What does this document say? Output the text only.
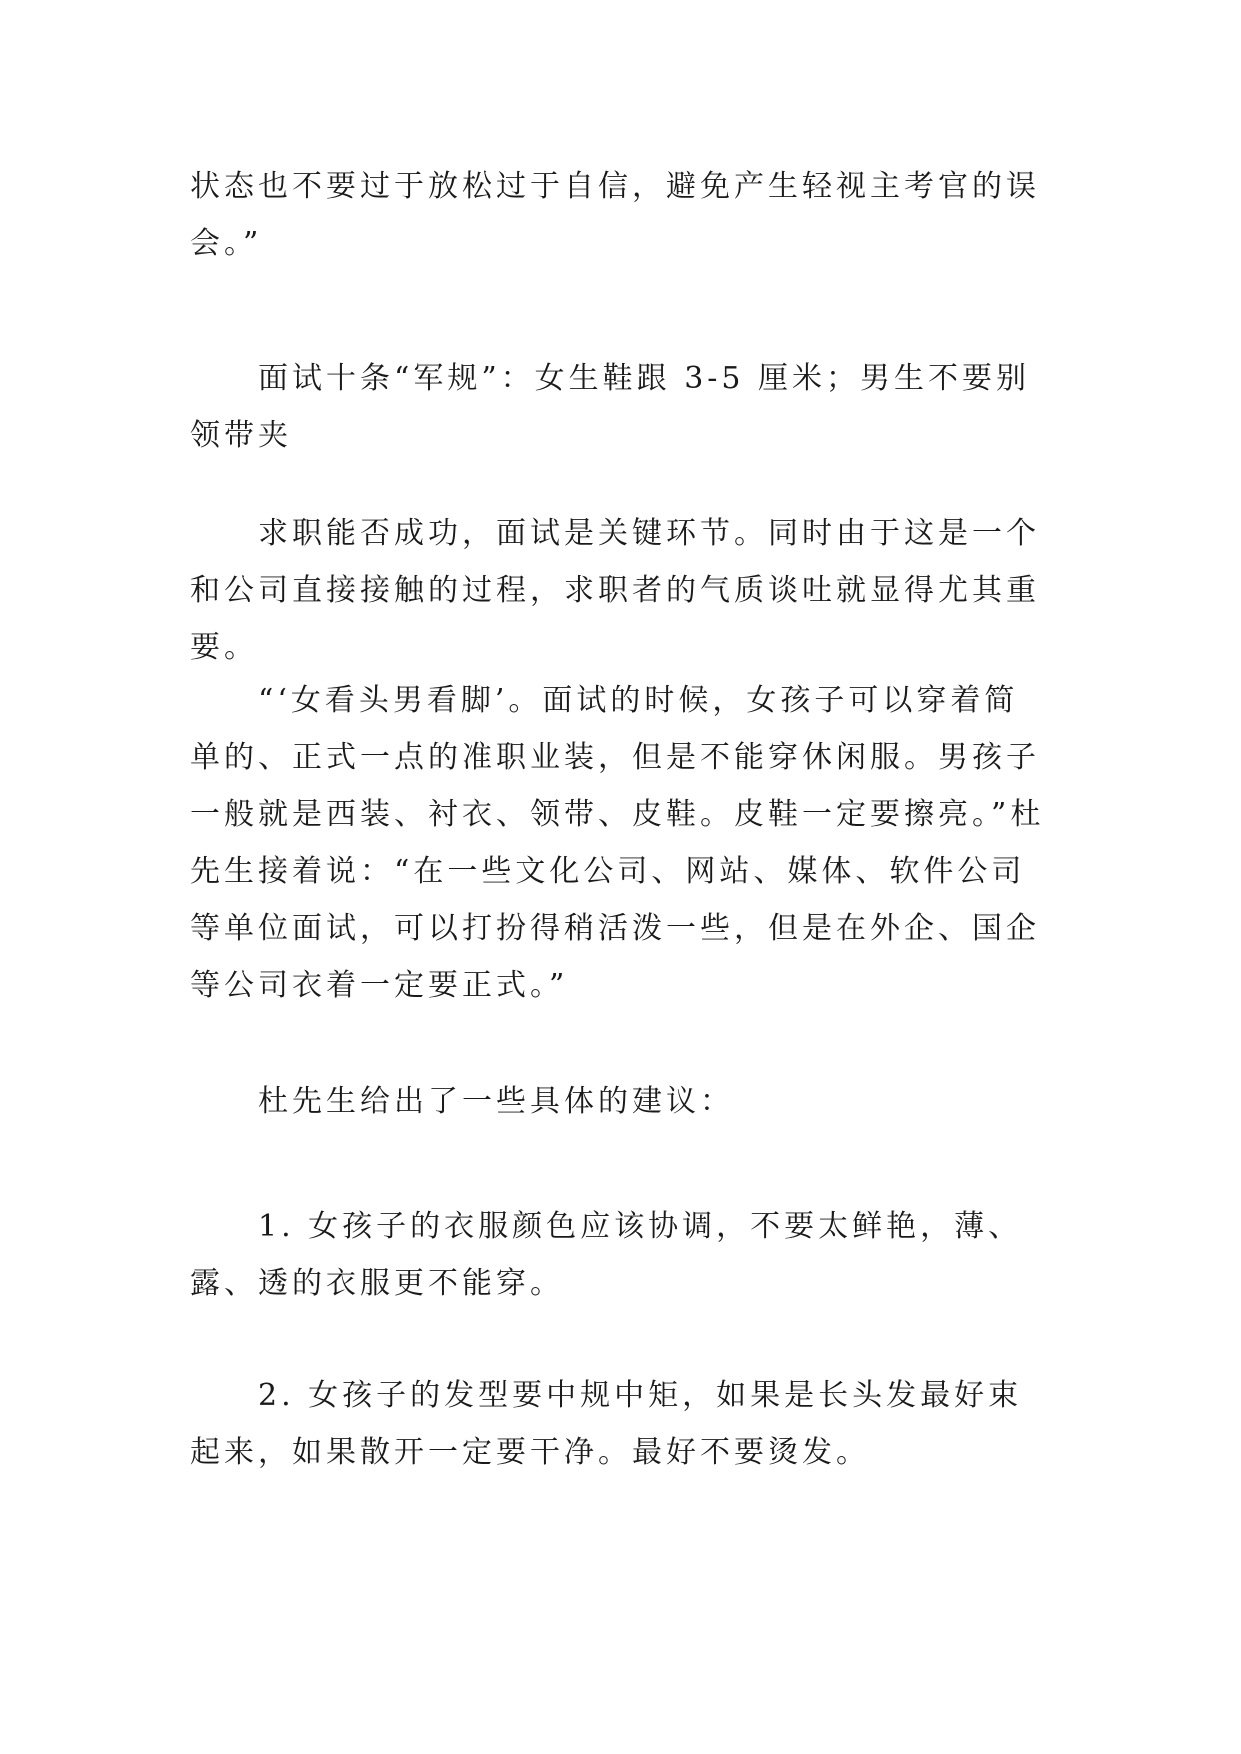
状态也不要过于放松过于自信，避免产生轻视主考官的误会。”

面试十条“军规”：女生鞋跟 3-5 厘米；男生不要别领带夹

求职能否成功，面试是关键环节。同时由于这是一个和公司直接接触的过程，求职者的气质谈吐就显得尤其重要。

“‘女看头男看脚’。面试的时候，女孩子可以穿着简单的、正式一点的准职业装，但是不能穿休闲服。男孩子一般就是西装、衬衣、领带、皮鞋。皮鞋一定要擦亮。”杜先生接着说：“在一些文化公司、网站、媒体、软件公司等单位面试，可以打扮得稍活泼一些，但是在外企、国企等公司衣着一定要正式。”

杜先生给出了一些具体的建议：

1. 女孩子的衣服颜色应该协调，不要太鲜艳，薄、露、透的衣服更不能穿。

2. 女孩子的发型要中规中矩，如果是长头发最好束起来，如果散开一定要干净。最好不要烫发。
